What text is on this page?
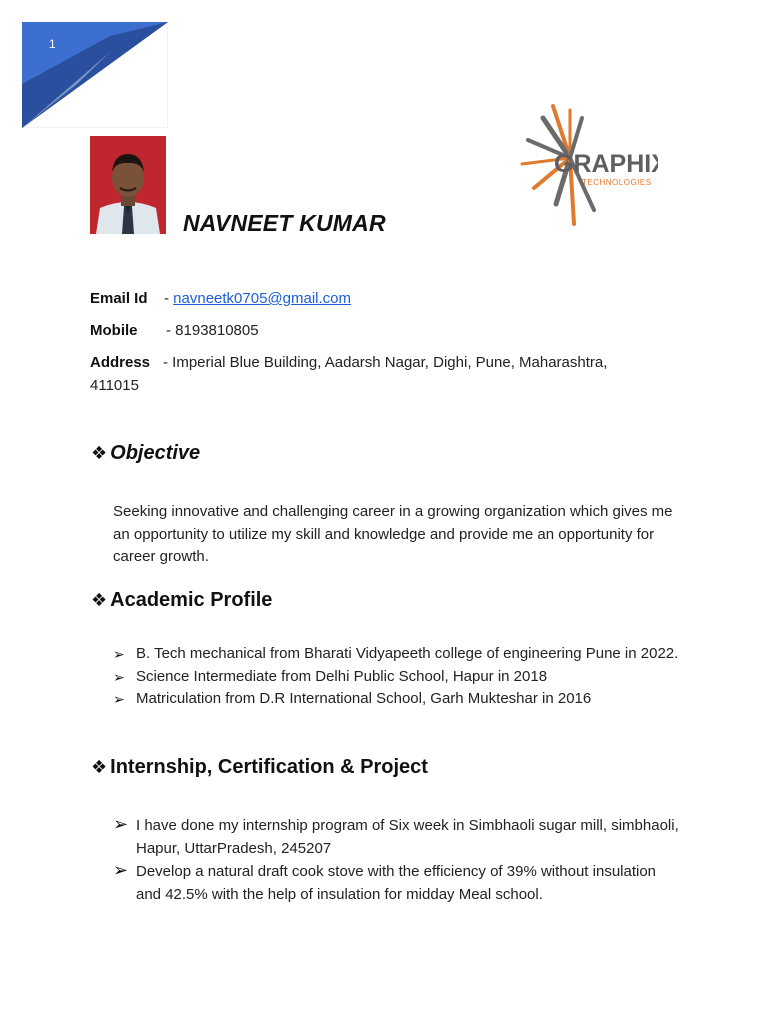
1
GRAPHIX
TECHNOLOGIES
NAVNEET KUMAR
Email Id - navneetk0705@gmail.com
Mobile - 8193810805
Address - Imperial Blue Building, Aadarsh Nagar, Dighi, Pune, Maharashtra,
411015
❖ Objective
Seeking innovative and challenging career in a growing organization which gives me an opportunity to utilize my skill and knowledge and provide me an opportunity for career growth.
❖ Academic Profile
➢ B. Tech mechanical from Bharati Vidyapeeth college of engineering Pune in 2022.
➢ Science Intermediate from Delhi Public School, Hapur in 2018
➢ Matriculation from D.R International School, Garh Mukteshar in 2016
❖ Internship, Certification & Project
➢ I have done my internship program of Six week in Simbhaoli sugar mill, simbhaoli, Hapur, UttarPradesh, 245207
➢ Develop a natural draft cook stove with the efficiency of 39% without insulation and 42.5% with the help of insulation for midday Meal school.
